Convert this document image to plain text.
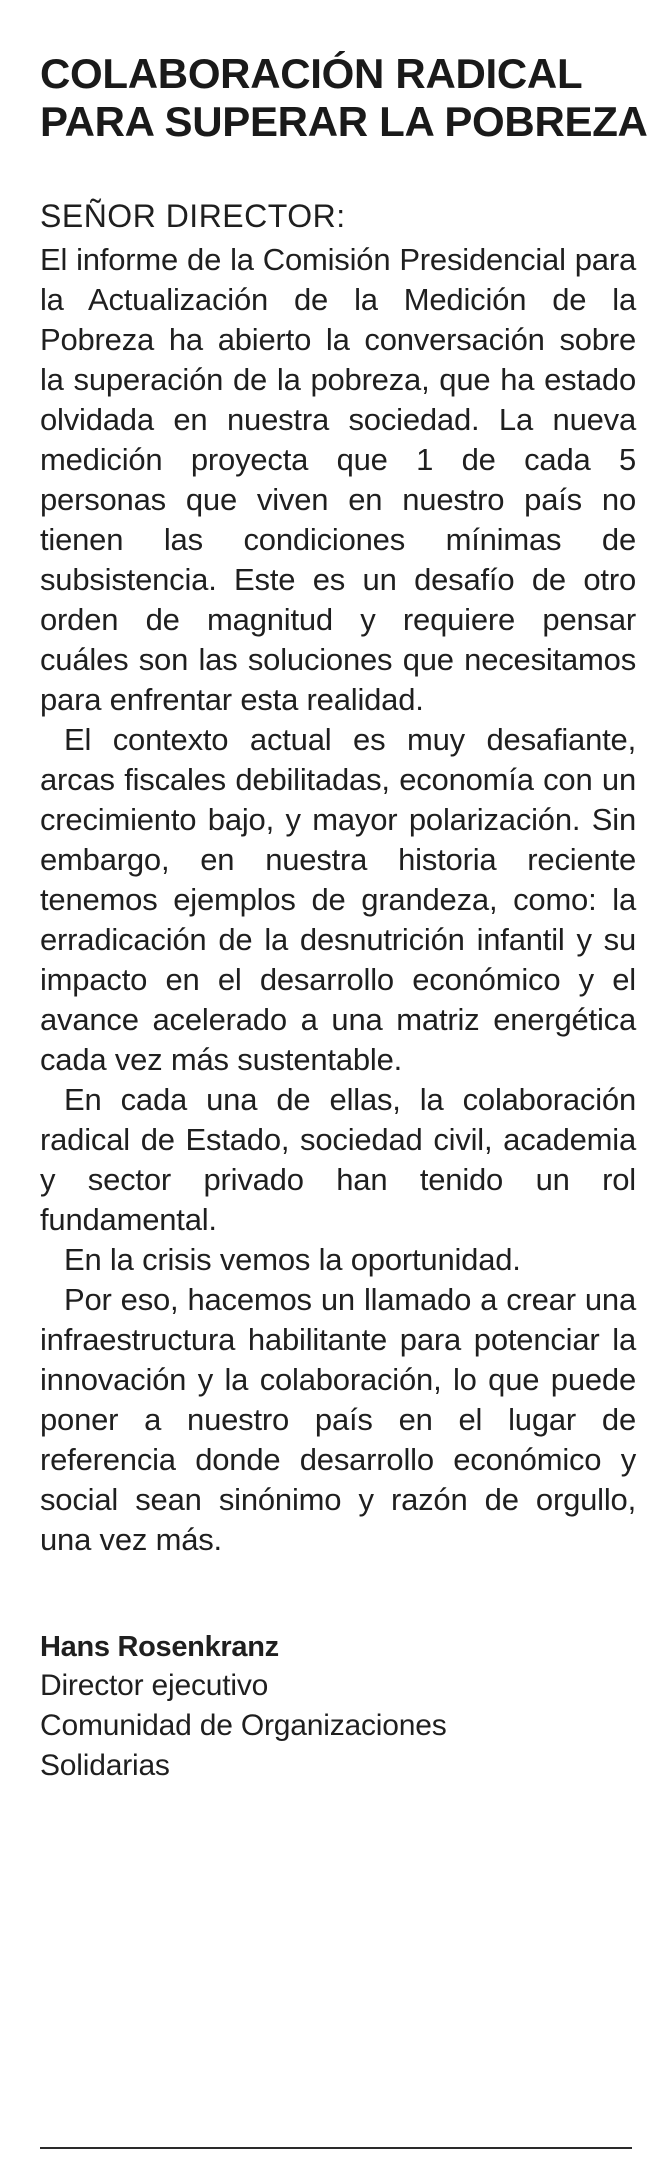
COLABORACIÓN RADICAL
PARA SUPERAR LA POBREZA
SEÑOR DIRECTOR:

El informe de la Comisión Presidencial para la Actualización de la Medición de la Pobreza ha abierto la conversación sobre la superación de la pobreza, que ha estado olvidada en nuestra sociedad. La nueva medición proyecta que 1 de cada 5 personas que viven en nuestro país no tienen las condiciones mínimas de subsistencia. Este es un desafío de otro orden de magnitud y requiere pensar cuáles son las soluciones que necesitamos para enfrentar esta realidad.

El contexto actual es muy desafiante, arcas fiscales debilitadas, economía con un crecimiento bajo, y mayor polarización. Sin embargo, en nuestra historia reciente tenemos ejemplos de grandeza, como: la erradicación de la desnutrición infantil y su impacto en el desarrollo económico y el avance acelerado a una matriz energética cada vez más sustentable.

En cada una de ellas, la colaboración radical de Estado, sociedad civil, academia y sector privado han tenido un rol fundamental.

En la crisis vemos la oportunidad.

Por eso, hacemos un llamado a crear una infraestructura habilitante para potenciar la innovación y la colaboración, lo que puede poner a nuestro país en el lugar de referencia donde desarrollo económico y social sean sinónimo y razón de orgullo, una vez más.

Hans Rosenkranz
Director ejecutivo
Comunidad de Organizaciones
Solidarias
